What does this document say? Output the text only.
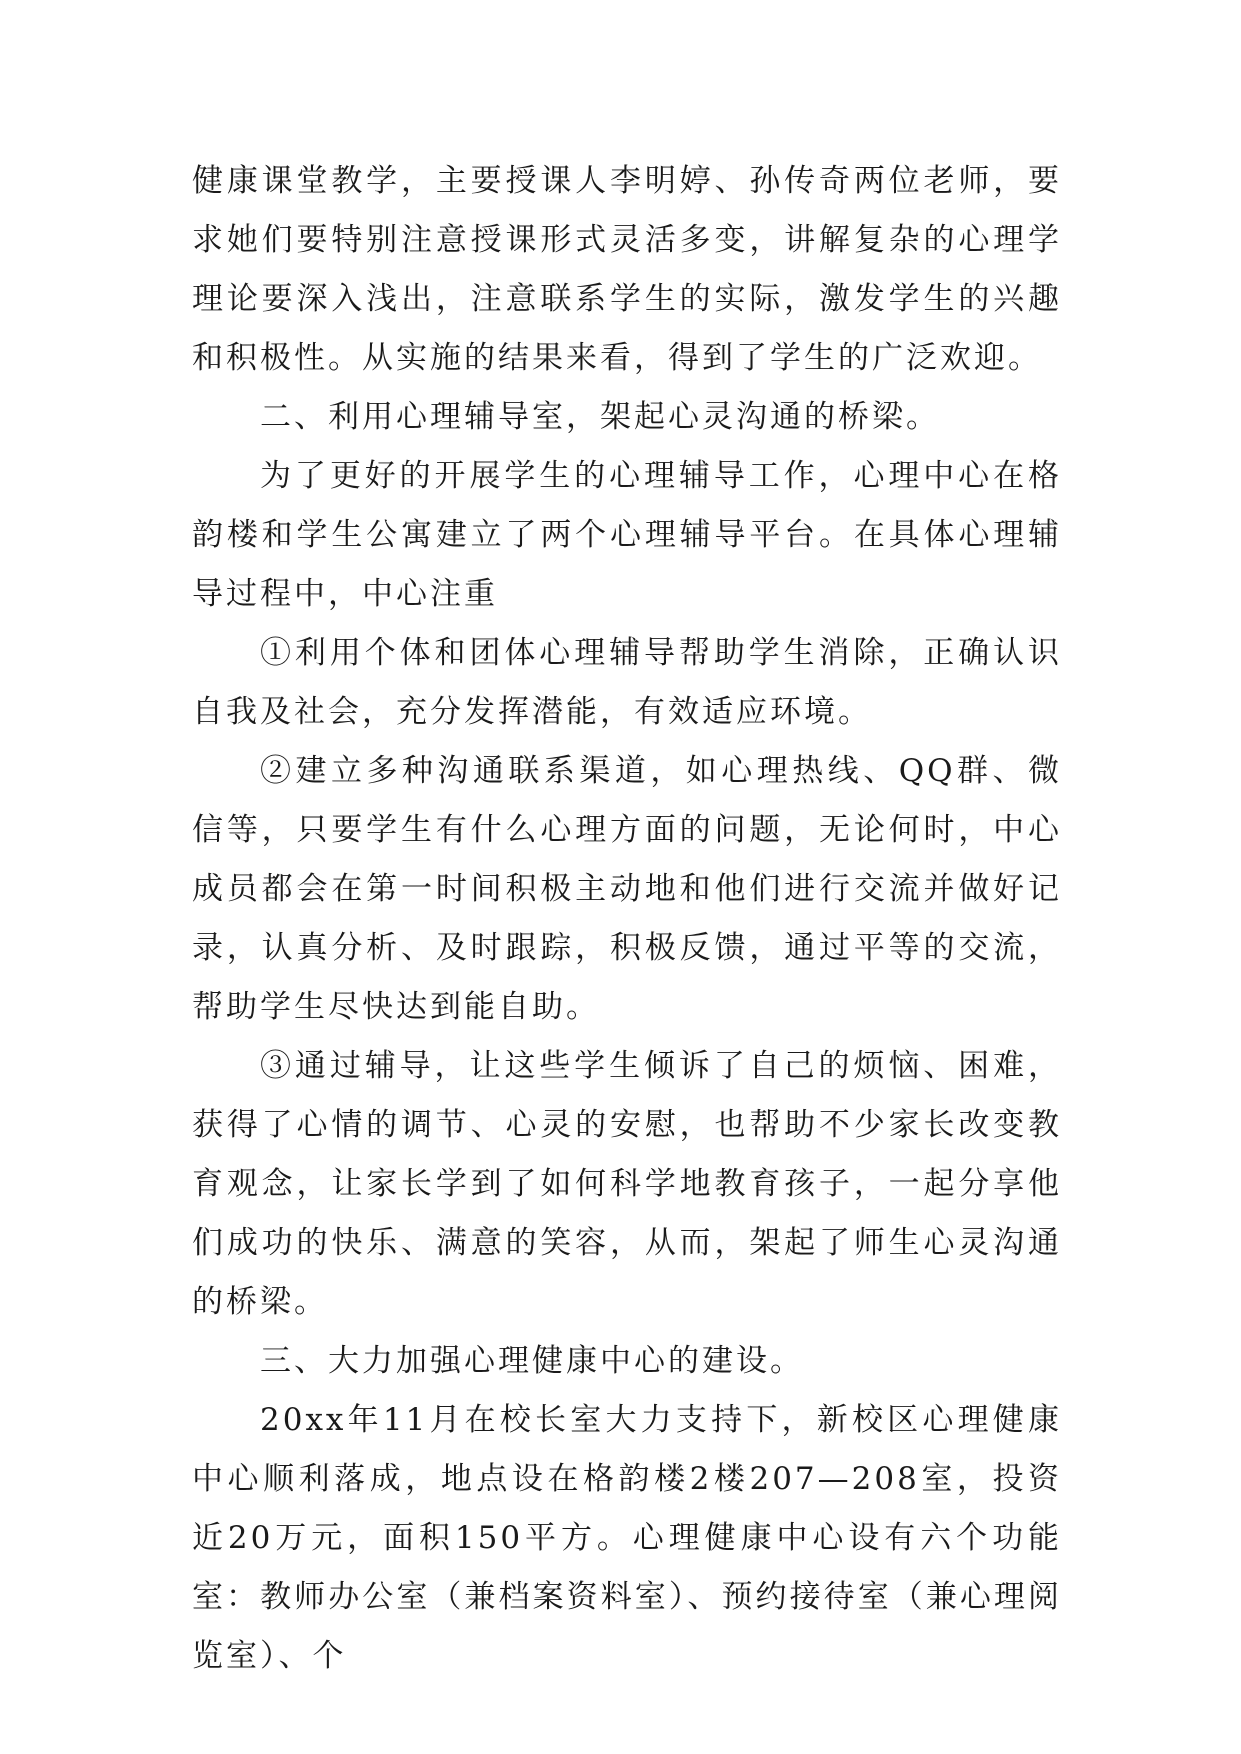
健康课堂教学，主要授课人李明婷、孙传奇两位老师，要求她们要特别注意授课形式灵活多变，讲解复杂的心理学理论要深入浅出，注意联系学生的实际，激发学生的兴趣和积极性。从实施的结果来看，得到了学生的广泛欢迎。

二、利用心理辅导室，架起心灵沟通的桥梁。

为了更好的开展学生的心理辅导工作，心理中心在格韵楼和学生公寓建立了两个心理辅导平台。在具体心理辅导过程中，中心注重

①利用个体和团体心理辅导帮助学生消除，正确认识自我及社会，充分发挥潜能，有效适应环境。

②建立多种沟通联系渠道，如心理热线、QQ群、微信等，只要学生有什么心理方面的问题，无论何时，中心成员都会在第一时间积极主动地和他们进行交流并做好记录，认真分析、及时跟踪，积极反馈，通过平等的交流，帮助学生尽快达到能自助。

③通过辅导，让这些学生倾诉了自己的烦恼、困难，获得了心情的调节、心灵的安慰，也帮助不少家长改变教育观念，让家长学到了如何科学地教育孩子，一起分享他们成功的快乐、满意的笑容，从而，架起了师生心灵沟通的桥梁。

三、大力加强心理健康中心的建设。

20xx年11月在校长室大力支持下，新校区心理健康中心顺利落成，地点设在格韵楼2楼207—208室，投资近20万元，面积150平方。心理健康中心设有六个功能室：教师办公室（兼档案资料室）、预约接待室（兼心理阅览室）、个
